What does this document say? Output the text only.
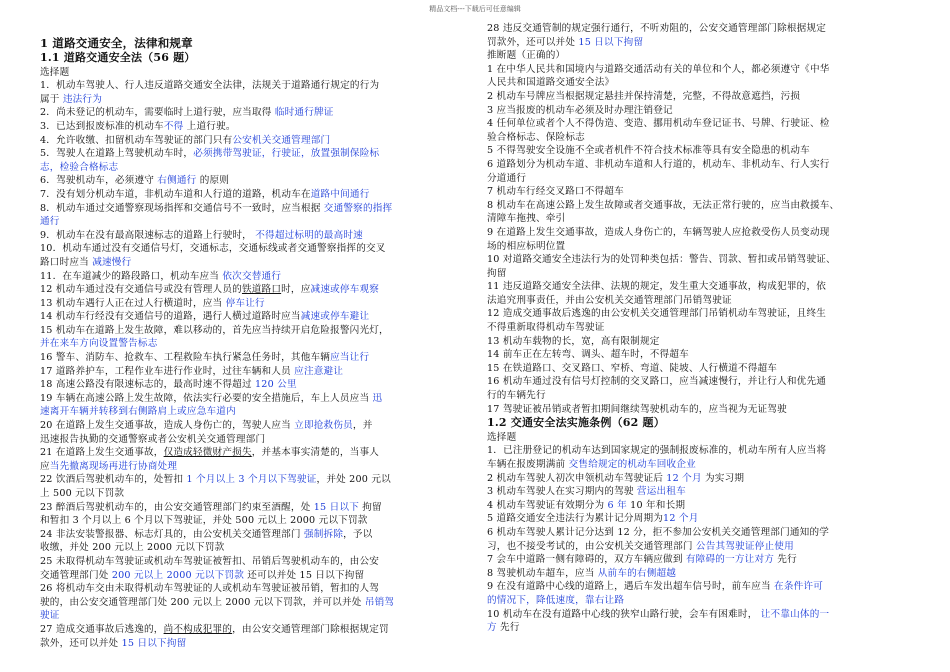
精品文档---下载后可任意编辑
1 道路交通安全，法律和规章
1.1 道路交通安全法（56 题）
选择题
1．机动车驾驶人、行人违反道路交通安全法律，法规关于道路通行规定的行为
属于 违法行为
2．尚未登记的机动车，需要临时上道行驶，应当取得 临时通行牌证
3．已达到报废标准的机动车不得 上道行驶。
4．允许收缴、扣留机动车驾驶证的部门只有公安机关交通管理部门
5．驾驶人在道路上驾驶机动车时，必须携带驾驶证，行驶证，放置强制保险标
志，检验合格标志
6．驾驶机动车，必须遵守 右侧通行 的原则
7．没有划分机动车道，非机动车道和人行道的道路，机动车在道路中间通行
8．机动车通过交通警察现场指挥和交通信号不一致时，应当根据 交通警察的指挥
通行
9．机动车在没有最高限速标志的道路上行驶时， 不得超过标明的最高时速
10．机动车通过没有交通信号灯，交通标志，交通标线或者交通警察指挥的交叉
路口时应当 减速慢行
11．在车道减少的路段路口，机动车应当 依次交替通行
12 机动车通过没有交通信号或没有管理人员的铁道路口时，应减速或停车观察
13 机动车遇行人正在过人行横道时，应当 停车让行
14 机动车行经没有交通信号的道路，遇行人横过道路时应当减速或停车避让
15 机动车在道路上发生故障，难以移动的，首先应当持续开启危险报警闪光灯，
并在来车方向设置警告标志
16 警车、消防车、抢救车、工程救险车执行紧急任务时，其他车辆应当让行
17 道路养护车，工程作业车进行作业时，过往车辆和人员 应注意避让
18 高速公路没有限速标志的，最高时速不得超过 120 公里
19 车辆在高速公路上发生故障，依法实行必要的安全措施后，车上人员应当 迅
速离开车辆并转移到右侧路肩上或应急车道内
20 在道路上发生交通事故，造成人身伤亡的，驾驶人应当 立即抢救伤员，并
迅速报告执勤的交通警察或者公安机关交通管理部门
21 在道路上发生交通事故，仅造成轻微财产损失，并基本事实清楚的，当事人
应当先撤离现场再进行协商处理
22 饮酒后驾驶机动车的，处暂扣 1 个月以上 3 个月以下驾驶证，并处 200 元以
上 500 元以下罚款
23 醉酒后驾驶机动车的，由公安交通管理部门约束至酒醒，处 15 日以下 拘留
和暂扣 3 个月以上 6 个月以下驾驶证，并处 500 元以上 2000 元以下罚款
24 非法安装警报器、标志灯具的，由公安机关交通管理部门 强制拆除，予以
收缴，并处 200 元以上 2000 元以下罚款
25 未取得机动车驾驶证或机动车驾驶证被暂扣、吊销后驾驶机动车的，由公安
交通管理部门处 200 元以上 2000 元以下罚款 还可以并处 15 日以下拘留
26 将机动车交由未取得机动车驾驶证的人或机动车驾驶证被吊销，暂扣的人驾
驶的，由公安交通管理部门处 200 元以上 2000 元以下罚款，并可以并处 吊销驾
驶证
27 造成交通事故后逃逸的，尚不构成犯罪的，由公安交通管理部门除根据规定罚
款外，还可以并处 15 日以下拘留
28 违反交通管制的规定强行通行，不听劝阻的，公安交通管理部门除根据规定
罚款外，还可以并处 15 日以下拘留
推断题（正确的）
1 在中华人民共和国境内与道路交通活动有关的单位和个人，都必须遵守《中华
人民共和国道路交通安全法》
2 机动车号牌应当根据规定悬挂并保持清楚，完整，不得故意遮挡，污损
3 应当报废的机动车必须及时办理注销登记
4 任何单位或者个人不得伪造、变造、挪用机动车登记证书、号牌、行驶证、检
验合格标志、保险标志
5 不得驾驶安全设施不全或者机件不符合技术标准等具有安全隐患的机动车
6 道路划分为机动车道、非机动车道和人行道的，机动车、非机动车、行人实行
分道通行
7 机动车行经交叉路口不得超车
8 机动车在高速公路上发生故障或者交通事故，无法正常行驶的，应当由救援车、
清障车拖拽、牵引
9 在道路上发生交通事故，造成人身伤亡的，车辆驾驶人应抢救受伤人员变动现
场的相应标明位置
10 对道路交通安全违法行为的处罚种类包括：警告、罚款、暂扣或吊销驾驶证、
拘留
11 违反道路交通安全法律、法规的规定，发生重大交通事故，构成犯罪的，依
法追究刑事责任，并由公安机关交通管理部门吊销驾驶证
12 造成交通事故后逃逸的由公安机关交通管理部门吊销机动车驾驶证，且终生
不得重新取得机动车驾驶证
13 机动车载物的长，宽，高有限制规定
14 前车正在左转弯、调头、超车时，不得超车
15 在铁道路口、交叉路口、窄桥、弯道、陡坡、人行横道不得超车
16 机动车通过没有信号灯控制的交叉路口，应当减速慢行，并让行人和优先通
行的车辆先行
17 驾驶证被吊销或者暂扣期间继续驾驶机动车的，应当视为无证驾驶
1.2 交通安全法实施条例（62 题）
选择题
1．已注册登记的机动车达到国家规定的强制报废标准的，机动车所有人应当将
车辆在报废期满前 交售给规定的机动车回收企业
2 机动车驾驶人初次申领机动车驾驶证后 12 个月 为实习期
3 机动车驾驶人在实习期内的驾驶 营运出租车
4 机动车驾驶证有效期分为 6 年 10 年和长期
5 道路交通安全违法行为累计记分周期为12 个月
6 机动车驾驶人累计记分达到 12 分，拒不参加公安机关交通管理部门通知的学
习，也不接受考试的，由公安机关交通管理部门 公告其驾驶证停止使用
7 会车中道路一侧有障碍的，双方车辆应做到 有障碍的一方让对方 先行
8 驾驶机动车超车，应当 从前车的右侧超越
9 在没有道路中心线的道路上，遇后车发出超车信号时，前车应当 在条件许可
的情况下，降低速度，靠右让路
10 机动车在没有道路中心线的狭窄山路行驶，会车有困难时， 让不靠山体的一
方 先行
